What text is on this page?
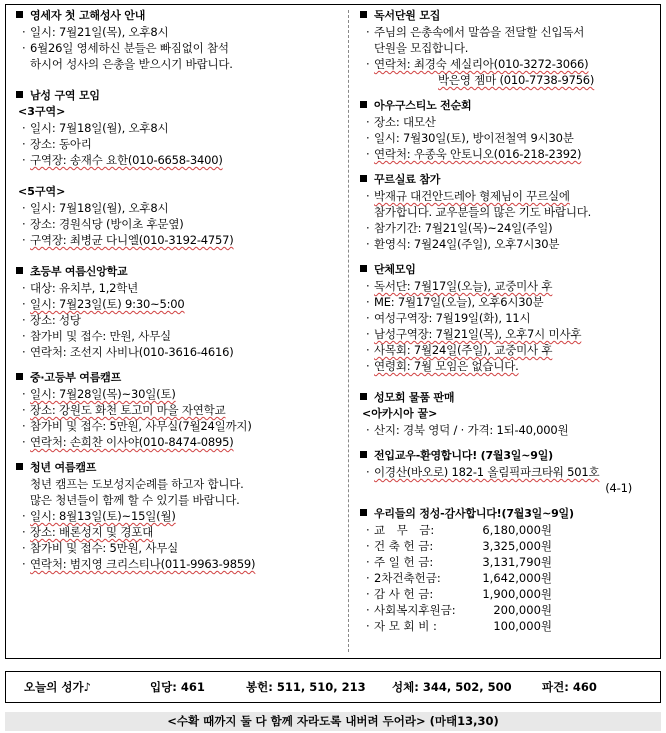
영세자 첫 고해성사 안내
· 일시: 7월21일(목), 오후8시
· 6월26일 영세하신 분들은 빠짐없이 참석
하시어 성사의 은총을 받으시기 바랍니다.
남성 구역 모임
<3구역>
· 일시: 7월18일(월), 오후8시
· 장소: 동아리
· 구역장: 송재수 요한(010-6658-3400)
<5구역>
· 일시: 7월18일(월), 오후8시
· 장소: 경원식당 (방이초 후문옆)
· 구역장: 최병균 다니엘(010-3192-4757)
초등부 여름신앙학교
· 대상: 유치부, 1,2학년
· 일시: 7월23일(토) 9:30~5:00
· 장소: 성당
· 참가비 및 접수: 만원, 사무실
· 연락처: 조선지 사비나(010-3616-4616)
중·고등부 여름캠프
· 일시: 7월28일(목)~30일(토)
· 장소: 강원도 화천 토고미 마을 자연학교
· 참가비 및 접수: 5만원, 사무실(7월24일까지)
· 연락처: 손희찬 이사야(010-8474-0895)
청년 여름캠프
청년 캠프는 도보성지순례를 하고자 합니다.
많은 청년들이 함께 할 수 있기를 바랍니다.
· 일시: 8월13일(토)~15일(월)
· 장소: 배론성지 및 경포대
· 참가비 및 접수: 5만원, 사무실
· 연락처: 범지영 크리스티나(011-9963-9859)
독서단원 모집
· 주님의 은총속에서 말씀을 전달할 신입독서
단원을 모집합니다.
· 연락처: 최경숙 세실리아(010-3272-3066)
박은영 젬마 (010-7738-9756)
아우구스티노 전순회
· 장소: 대모산
· 일시: 7월30일(토), 방이전철역 9시30분
· 연락처: 우종욱 안토니오(016-218-2392)
꾸르실료 참가
· 박재규 대건안드레아 형제님이 꾸르실에
참가합니다. 교우분들의 많은 기도 바랍니다.
· 참가기간: 7월21일(목)~24일(주일)
· 환영식: 7월24일(주일), 오후7시30분
단체모임
· 독서단: 7월17일(오늘), 교중미사 후
· ME: 7월17일(오늘), 오후6시30분
· 여성구역장: 7월19일(화), 11시
· 남성구역장: 7월21일(목), 오후7시 미사후
· 사목회: 7월24일(주일), 교중미사 후
· 연령회: 7월 모임은 없습니다.
성모회 물품 판매
<아카시아 꿀>
· 산지: 경북 영덕 / · 가격: 1되-40,000원
전입교우-환영합니다! (7월3일~9일)
· 이경산(바오로) 182-1 올림픽파크타워 501호
(4-1)
우리들의 정성-감사합니다!(7월3일~9일)
· 교　무　금:	6,180,000원
· 건 축 헌 금:	3,325,000원
· 주 일 헌 금:	3,131,790원
· 2차건축헌금:	1,642,000원
· 감 사 헌 금:	1,900,000원
· 사회복지후원금:	200,000원
· 자 모 회 비 :	100,000원
오늘의 성가♪	입당: 461	봉헌: 511, 510, 213 성체: 344, 502, 500	파견: 460
<수확 때까지 둘 다 함께 자라도록 내버려 두어라> (마태13,30)
